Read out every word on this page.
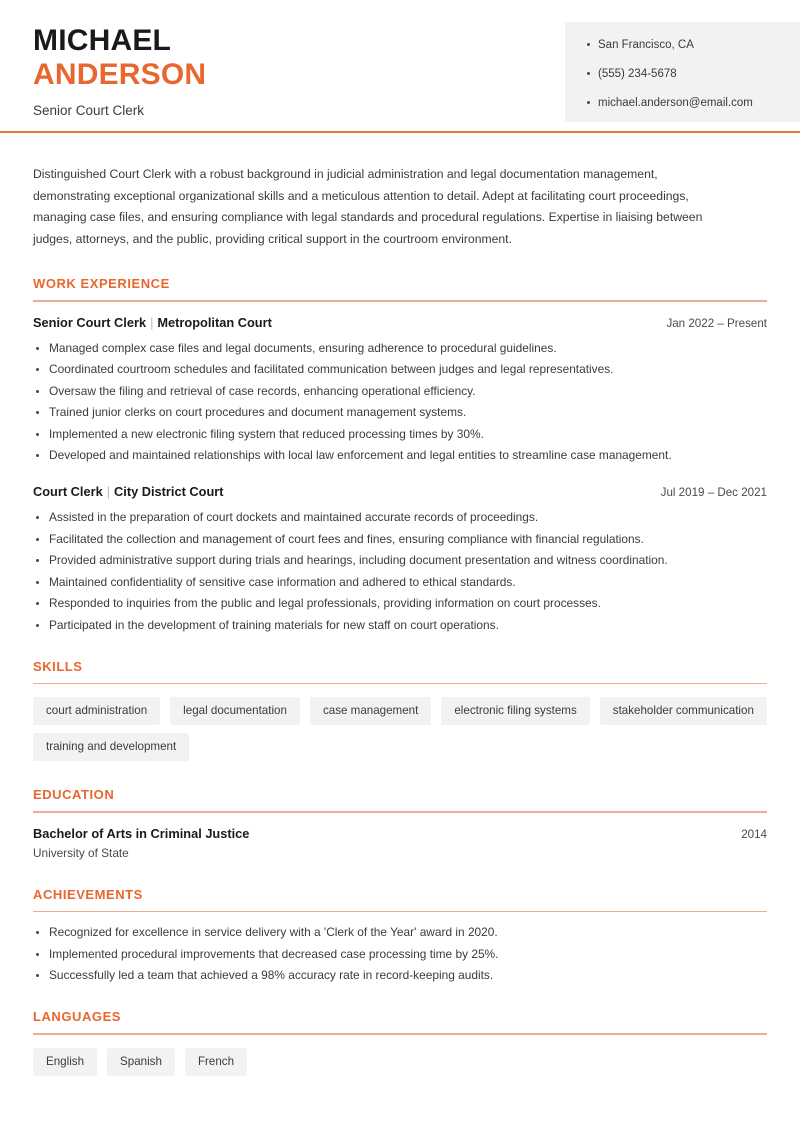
MICHAEL
ANDERSON
Senior Court Clerk
San Francisco, CA
(555) 234-5678
michael.anderson@email.com

Distinguished Court Clerk with a robust background in judicial administration and legal documentation management, demonstrating exceptional organizational skills and a meticulous attention to detail. Adept at facilitating court proceedings, managing case files, and ensuring compliance with legal standards and procedural regulations. Expertise in liaising between judges, attorneys, and the public, providing critical support in the courtroom environment.

WORK EXPERIENCE
Senior Court Clerk | Metropolitan Court	Jan 2022 – Present
Managed complex case files and legal documents, ensuring adherence to procedural guidelines.
Coordinated courtroom schedules and facilitated communication between judges and legal representatives.
Oversaw the filing and retrieval of case records, enhancing operational efficiency.
Trained junior clerks on court procedures and document management systems.
Implemented a new electronic filing system that reduced processing times by 30%.
Developed and maintained relationships with local law enforcement and legal entities to streamline case management.
Court Clerk | City District Court	Jul 2019 – Dec 2021
Assisted in the preparation of court dockets and maintained accurate records of proceedings.
Facilitated the collection and management of court fees and fines, ensuring compliance with financial regulations.
Provided administrative support during trials and hearings, including document presentation and witness coordination.
Maintained confidentiality of sensitive case information and adhered to ethical standards.
Responded to inquiries from the public and legal professionals, providing information on court processes.
Participated in the development of training materials for new staff on court operations.
SKILLS
court administration	legal documentation	case management	electronic filing systems	stakeholder communication
training and development
EDUCATION
Bachelor of Arts in Criminal Justice	2014
University of State
ACHIEVEMENTS
Recognized for excellence in service delivery with a 'Clerk of the Year' award in 2020.
Implemented procedural improvements that decreased case processing time by 25%.
Successfully led a team that achieved a 98% accuracy rate in record-keeping audits.
LANGUAGES
English	Spanish	French
